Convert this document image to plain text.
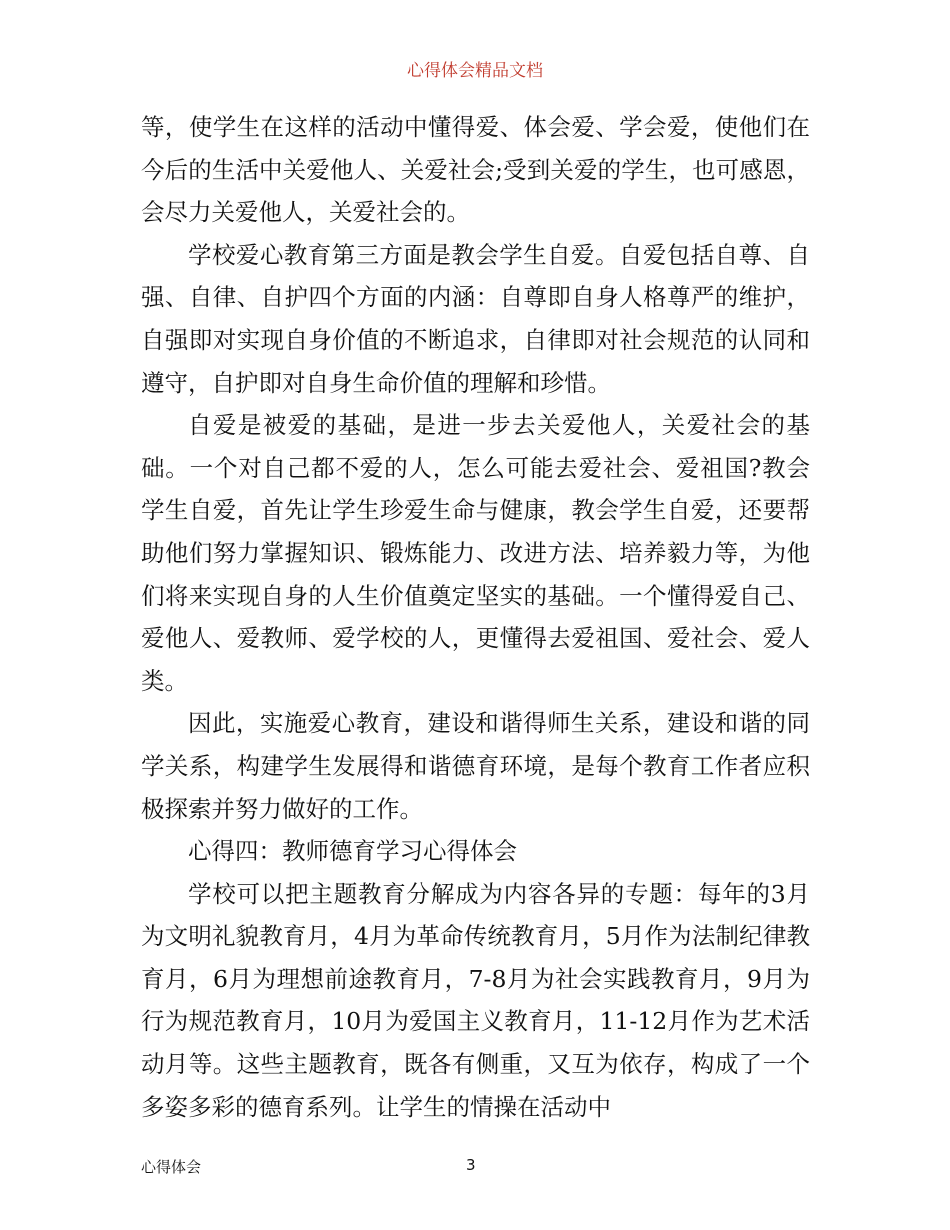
心得体会精品文档

等，使学生在这样的活动中懂得爱、体会爱、学会爱，使他们在今后的生活中关爱他人、关爱社会;受到关爱的学生，也可感恩，会尽力关爱他人，关爱社会的。

学校爱心教育第三方面是教会学生自爱。自爱包括自尊、自强、自律、自护四个方面的内涵：自尊即自身人格尊严的维护，自强即对实现自身价值的不断追求，自律即对社会规范的认同和遵守，自护即对自身生命价值的理解和珍惜。

自爱是被爱的基础，是进一步去关爱他人，关爱社会的基础。一个对自己都不爱的人，怎么可能去爱社会、爱祖国?教会学生自爱，首先让学生珍爱生命与健康，教会学生自爱，还要帮助他们努力掌握知识、锻炼能力、改进方法、培养毅力等，为他们将来实现自身的人生价值奠定坚实的基础。一个懂得爱自己、爱他人、爱教师、爱学校的人，更懂得去爱祖国、爱社会、爱人类。

因此，实施爱心教育，建设和谐得师生关系，建设和谐的同学关系，构建学生发展得和谐德育环境，是每个教育工作者应积极探索并努力做好的工作。

心得四：教师德育学习心得体会

学校可以把主题教育分解成为内容各异的专题：每年的3月为文明礼貌教育月，4月为革命传统教育月，5月作为法制纪律教育月，6月为理想前途教育月，7-8月为社会实践教育月，9月为行为规范教育月，10月为爱国主义教育月，11-12月作为艺术活动月等。这些主题教育，既各有侧重，又互为依存，构成了一个多姿多彩的德育系列。让学生的情操在活动中

心得体会	3
